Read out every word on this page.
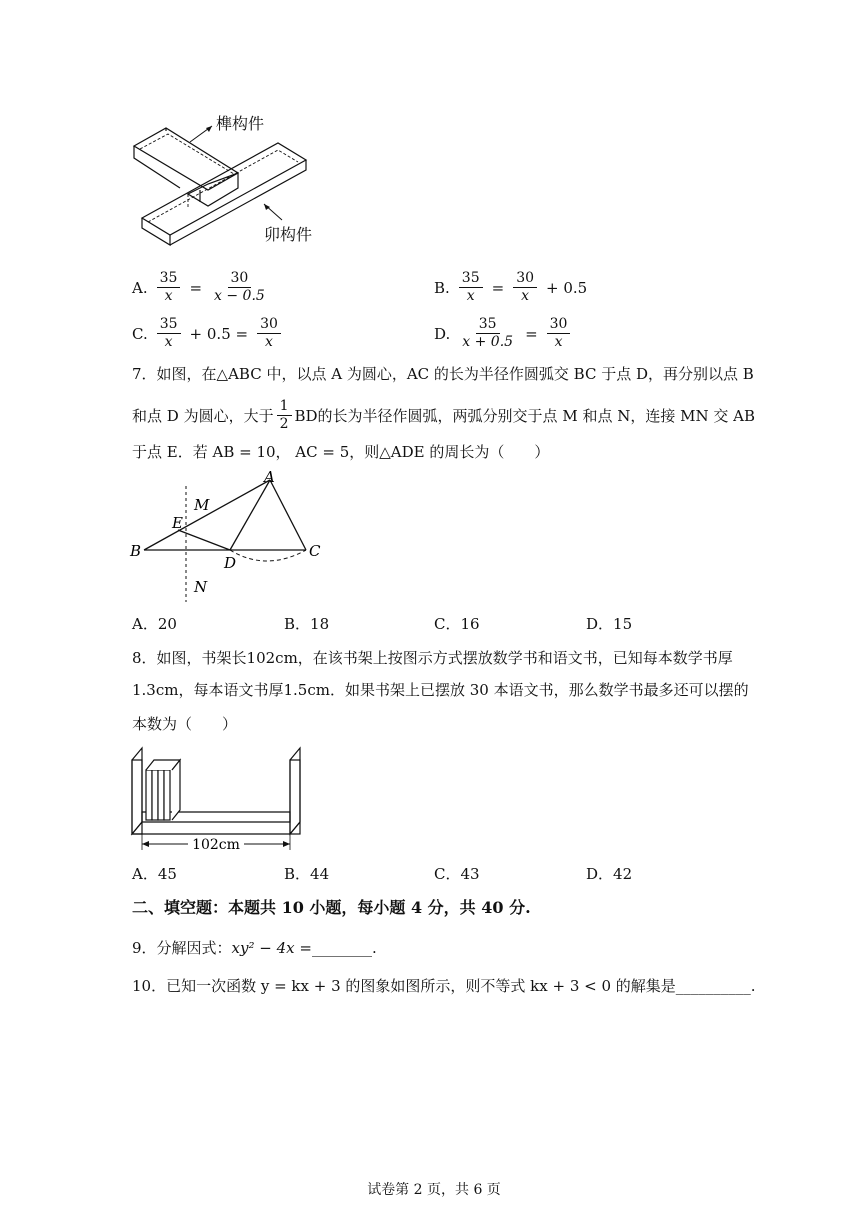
榫构件
卯构件
A. $\frac{35}{x} = \frac{30}{x - 0.5}$	B. $\frac{35}{x} = \frac{30}{x} + 0.5$
C. $\frac{35}{x} + 0.5 = \frac{30}{x}$	D. $\frac{35}{x + 0.5} = \frac{30}{x}$
7．如图，在△ABC 中，以点 A 为圆心，AC 的长为半径作圆弧交 BC 于点 D，再分别以点 B
和点 D 为圆心，大于 $\frac{1}{2}$ BD的长为半径作圆弧，两弧分别交于点 M 和点 N，连接 MN 交 AB
于点 E．若 AB = 10， AC = 5，则△ADE 的周长为（　　）
A
B	C
D
E
M
N
A．20	B．18	C．16	D．15
8．如图，书架长102cm，在该书架上按图示方式摆放数学书和语文书，已知每本数学书厚
1.3cm，每本语文书厚1.5cm．如果书架上已摆放 30 本语文书，那么数学书最多还可以摆的
本数为（　　）
102cm
A．45	B．44	C．43	D．42
二、填空题：本题共 10 小题，每小题 4 分，共 40 分.
9．分解因式：xy² − 4x =________.
10．已知一次函数 y = kx + 3 的图象如图所示，则不等式 kx + 3 < 0 的解集是__________.
试卷第 2 页，共 6 页
